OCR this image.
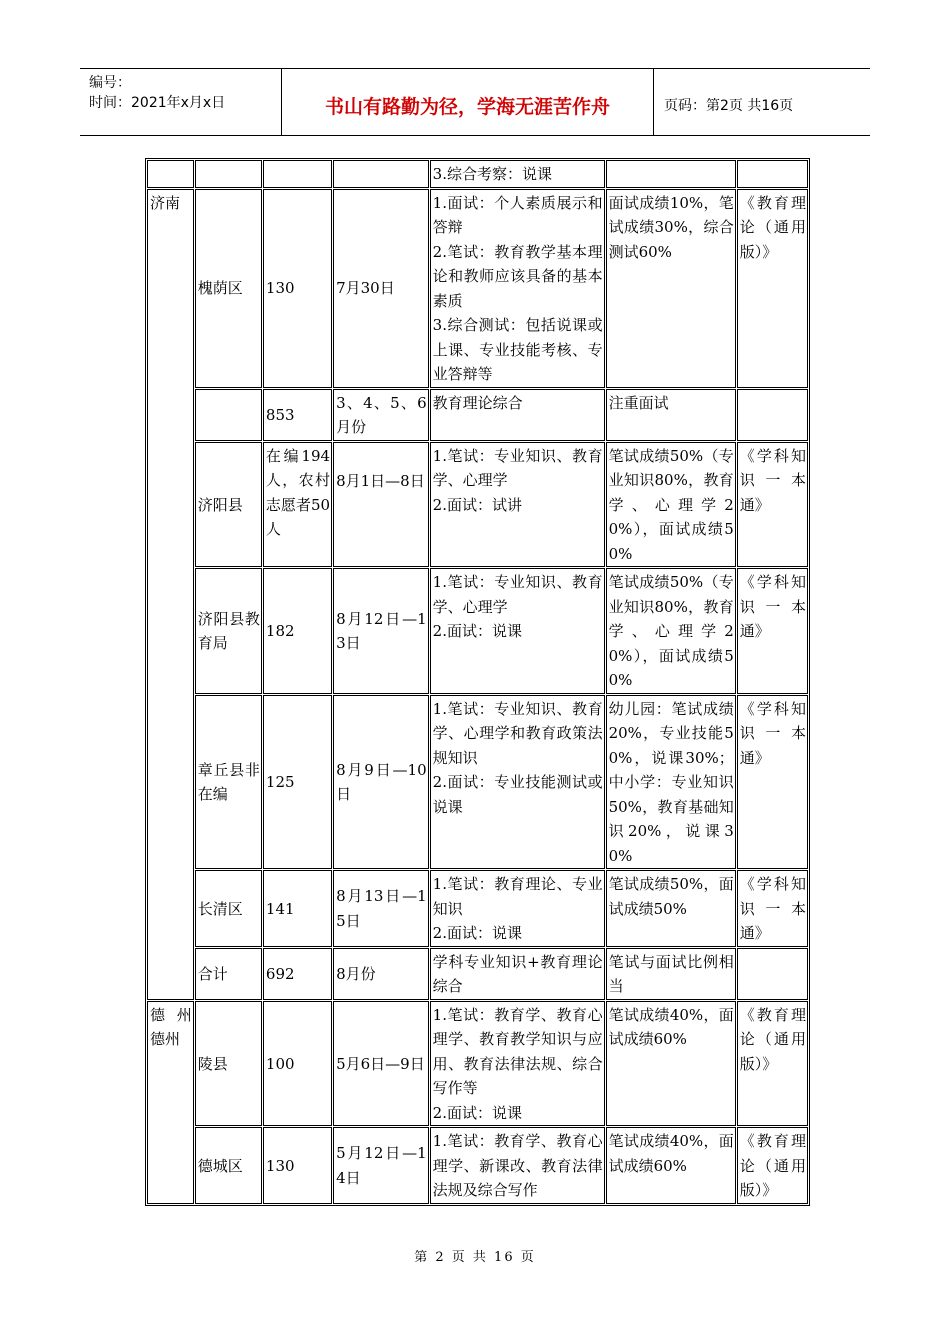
编号：
时间：2021年x月x日	书山有路勤为径，学海无涯苦作舟	页码：第2页 共16页
				3.综合考察：说课		
济南	槐荫区	130	7月30日	1.面试：个人素质展示和答辩
2.笔试：教育教学基本理论和教师应该具备的基本素质
3.综合测试：包括说课或上课、专业技能考核、专业答辩等	面试成绩10%，笔试成绩30%，综合测试60%	《教育理论（通用版）》
		853	3、4、5、6月份	教育理论综合	注重面试	
	济阳县	在编194人，农村志愿者50人	8月1日—8日	1.笔试：专业知识、教育学、心理学
2.面试：试讲	笔试成绩50%（专业知识80%，教育学、心理学20%），面试成绩50%	《学科知识一本通》
	济阳县教育局	182	8月12日—13日	1.笔试：专业知识、教育学、心理学
2.面试：说课	笔试成绩50%（专业知识80%，教育学、心理学20%），面试成绩50%	《学科知识一本通》
	章丘县非在编	125	8月9日—10日	1.笔试：专业知识、教育学、心理学和教育政策法规知识
2.面试：专业技能测试或说课	幼儿园：笔试成绩20%，专业技能50%，说课30%；中小学：专业知识50%，教育基础知识20%，说课30%	《学科知识一本通》
	长清区	141	8月13日—15日	1.笔试：教育理论、专业知识
2.面试：说课	笔试成绩50%，面试成绩50%	《学科知识一本通》
	合计	692	8月份	学科专业知识+教育理论综合	笔试与面试比例相当	
德州德州	陵县	100	5月6日—9日	1.笔试：教育学、教育心理学、教育教学知识与应用、教育法律法规、综合写作等
2.面试：说课	笔试成绩40%，面试成绩60%	《教育理论（通用版）》
	德城区	130	5月12日—14日	1.笔试：教育学、教育心理学、新课改、教育法律法规及综合写作	笔试成绩40%，面试成绩60%	《教育理论（通用版）》
第 2 页 共 16 页
